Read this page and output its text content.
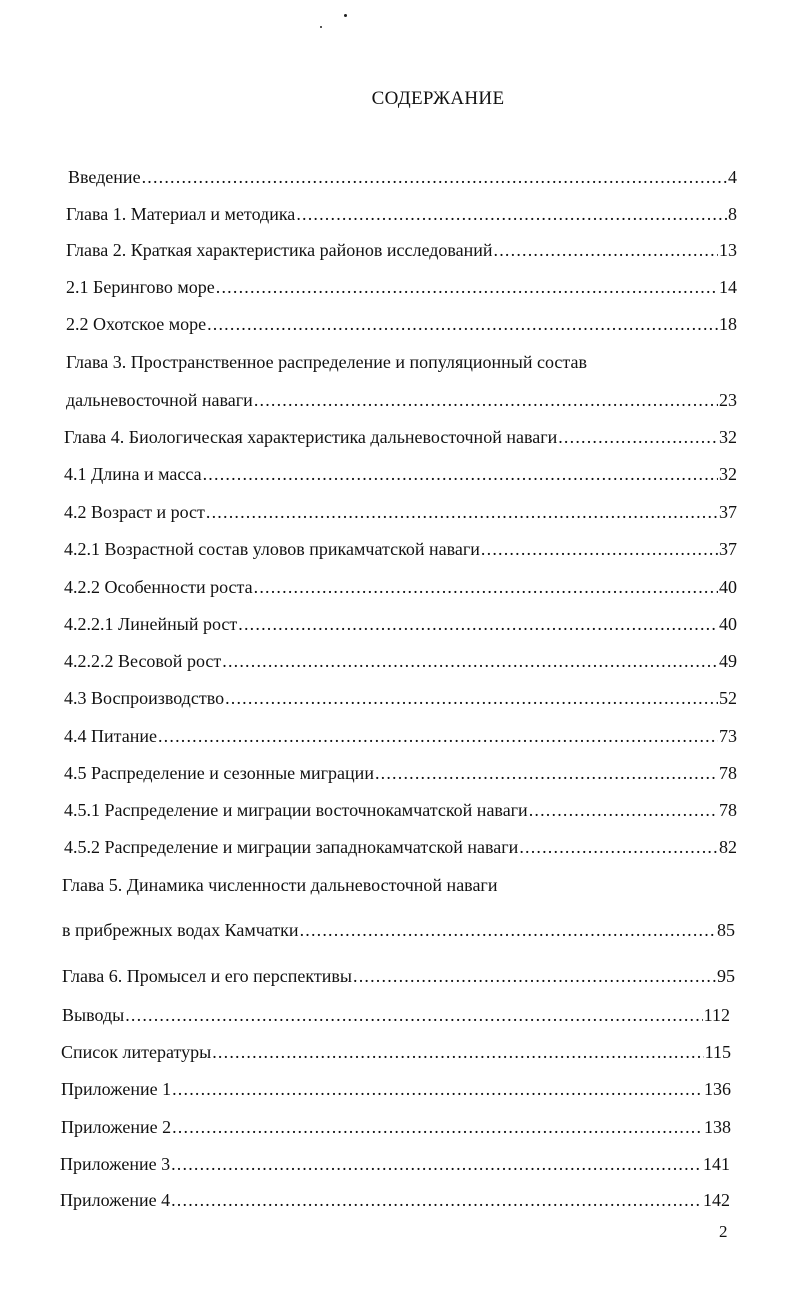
СОДЕРЖАНИЕ
Введение .....	4
Глава 1. Материал и методика .....	8
Глава 2. Краткая характеристика районов исследований .....	13
2.1 Берингово море .....	14
2.2 Охотское море .....	18
Глава 3. Пространственное распределение и популяционный состав
дальневосточной наваги .....	23
Глава 4. Биологическая характеристика дальневосточной наваги .....	32
4.1 Длина и масса .....	32
4.2 Возраст и рост .....	37
4.2.1 Возрастной состав уловов прикамчатской наваги .....	37
4.2.2 Особенности роста .....	40
4.2.2.1 Линейный рост .....	40
4.2.2.2 Весовой рост .....	49
4.3 Воспроизводство .....	52
4.4 Питание .....	73
4.5 Распределение и сезонные миграции .....	78
4.5.1 Распределение и миграции восточнокамчатской наваги .....	78
4.5.2 Распределение и миграции западнокамчатской наваги .....	82
Глава 5. Динамика численности дальневосточной наваги
в прибрежных водах Камчатки .....	85
Глава 6. Промысел и его перспективы .....	95
Выводы .....	112
Список литературы .....	115
Приложение 1 .....	136
Приложение 2 .....	138
Приложение 3 .....	141
Приложение 4 .....	142
2
